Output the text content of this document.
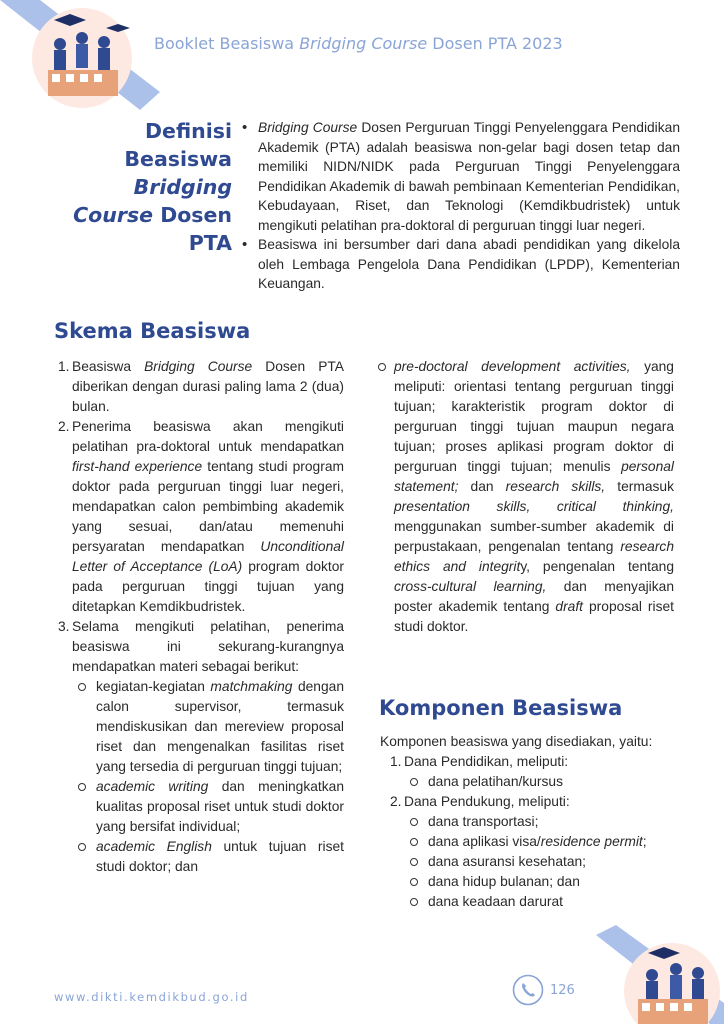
Booklet Beasiswa Bridging Course Dosen PTA 2023
Definisi
Beasiswa
Bridging
Course Dosen
PTA
• Bridging Course Dosen Perguruan Tinggi Penyelenggara Pendidikan Akademik (PTA) adalah beasiswa non-gelar bagi dosen tetap dan memiliki NIDN/NIDK pada Perguruan Tinggi Penyelenggara Pendidikan Akademik di bawah pembinaan Kementerian Pendidikan, Kebudayaan, Riset, dan Teknologi (Kemdikbudristek) untuk mengikuti pelatihan pra-doktoral di perguruan tinggi luar negeri.
• Beasiswa ini bersumber dari dana abadi pendidikan yang dikelola oleh Lembaga Pengelola Dana Pendidikan (LPDP), Kementerian Keuangan.
Skema Beasiswa
1. Beasiswa Bridging Course Dosen PTA diberikan dengan durasi paling lama 2 (dua) bulan.
2. Penerima beasiswa akan mengikuti pelatihan pra-doktoral untuk mendapatkan first-hand experience tentang studi program doktor pada perguruan tinggi luar negeri, mendapatkan calon pembimbing akademik yang sesuai, dan/atau memenuhi persyaratan mendapatkan Unconditional Letter of Acceptance (LoA) program doktor pada perguruan tinggi tujuan yang ditetapkan Kemdikbudristek.
3. Selama mengikuti pelatihan, penerima beasiswa ini sekurang-kurangnya mendapatkan materi sebagai berikut:
kegiatan-kegiatan matchmaking dengan calon supervisor, termasuk mendiskusikan dan mereview proposal riset dan mengenalkan fasilitas riset yang tersedia di perguruan tinggi tujuan;
academic writing dan meningkatkan kualitas proposal riset untuk studi doktor yang bersifat individual;
academic English untuk tujuan riset studi doktor; dan
pre-doctoral development activities, yang meliputi: orientasi tentang perguruan tinggi tujuan; karakteristik program doktor di perguruan tinggi tujuan maupun negara tujuan; proses aplikasi program doktor di perguruan tinggi tujuan; menulis personal statement; dan research skills, termasuk presentation skills, critical thinking, menggunakan sumber-sumber akademik di perpustakaan, pengenalan tentang research ethics and integrity, pengenalan tentang cross-cultural learning, dan menyajikan poster akademik tentang draft proposal riset studi doktor.
Komponen Beasiswa
Komponen beasiswa yang disediakan, yaitu:
1. Dana Pendidikan, meliputi:
dana pelatihan/kursus
2. Dana Pendukung, meliputi:
dana transportasi;
dana aplikasi visa/residence permit;
dana asuransi kesehatan;
dana hidup bulanan; dan
dana keadaan darurat
www.dikti.kemdikbud.go.id	126
